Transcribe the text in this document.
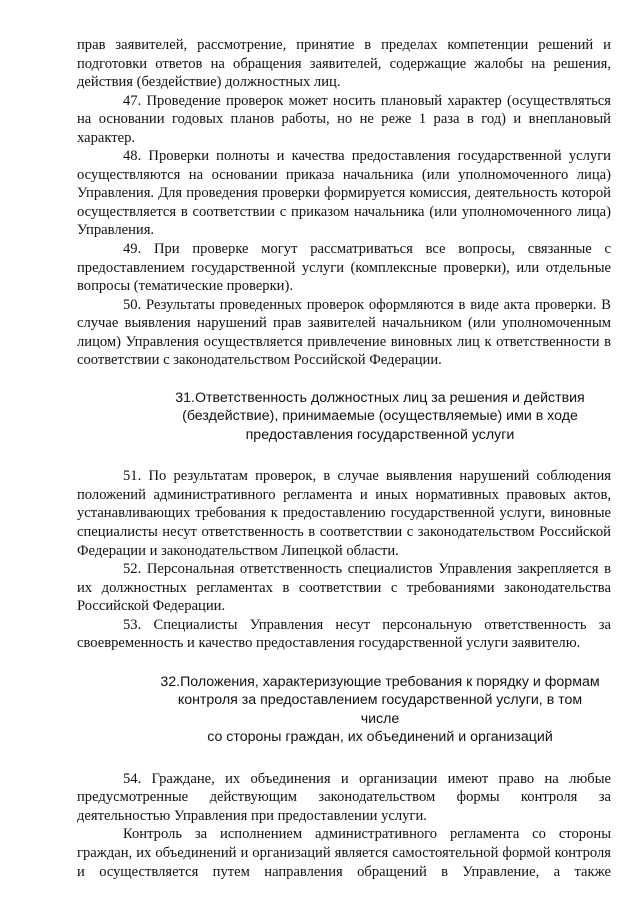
прав заявителей, рассмотрение, принятие в пределах компетенции решений и подготовки ответов на обращения заявителей, содержащие жалобы на решения, действия (бездействие) должностных лиц.

47. Проведение проверок может носить плановый характер (осуществляться на основании годовых планов работы, но не реже 1 раза в год) и внеплановый характер.

48. Проверки полноты и качества предоставления государственной услуги осуществляются на основании приказа начальника (или уполномоченного лица) Управления. Для проведения проверки формируется комиссия, деятельность которой осуществляется в соответствии с приказом начальника (или уполномоченного лица) Управления.

49. При проверке могут рассматриваться все вопросы, связанные с предоставлением государственной услуги (комплексные проверки), или отдельные вопросы (тематические проверки).

50. Результаты проведенных проверок оформляются в виде акта проверки. В случае выявления нарушений прав заявителей начальником (или уполномоченным лицом) Управления осуществляется привлечение виновных лиц к ответственности в соответствии с законодательством Российской Федерации.

31.Ответственность должностных лиц за решения и действия
(бездействие), принимаемые (осуществляемые) ими в ходе
предоставления государственной услуги

51. По результатам проверок, в случае выявления нарушений соблюдения положений административного регламента и иных нормативных правовых актов, устанавливающих требования к предоставлению государственной услуги, виновные специалисты несут ответственность в соответствии с законодательством Российской Федерации и законодательством Липецкой области.

52. Персональная ответственность специалистов Управления закрепляется в их должностных регламентах в соответствии с требованиями законодательства Российской Федерации.

53. Специалисты Управления несут персональную ответственность за своевременность и качество предоставления государственной услуги заявителю.

32.Положения, характеризующие требования к порядку и формам
контроля за предоставлением государственной услуги, в том числе
со стороны граждан, их объединений и организаций

54. Граждане, их объединения и организации имеют право на любые предусмотренные действующим законодательством формы контроля за деятельностью Управления при предоставлении услуги.

Контроль за исполнением административного регламента со стороны граждан, их объединений и организаций является самостоятельной формой контроля и осуществляется путем направления обращений в Управление, а также
